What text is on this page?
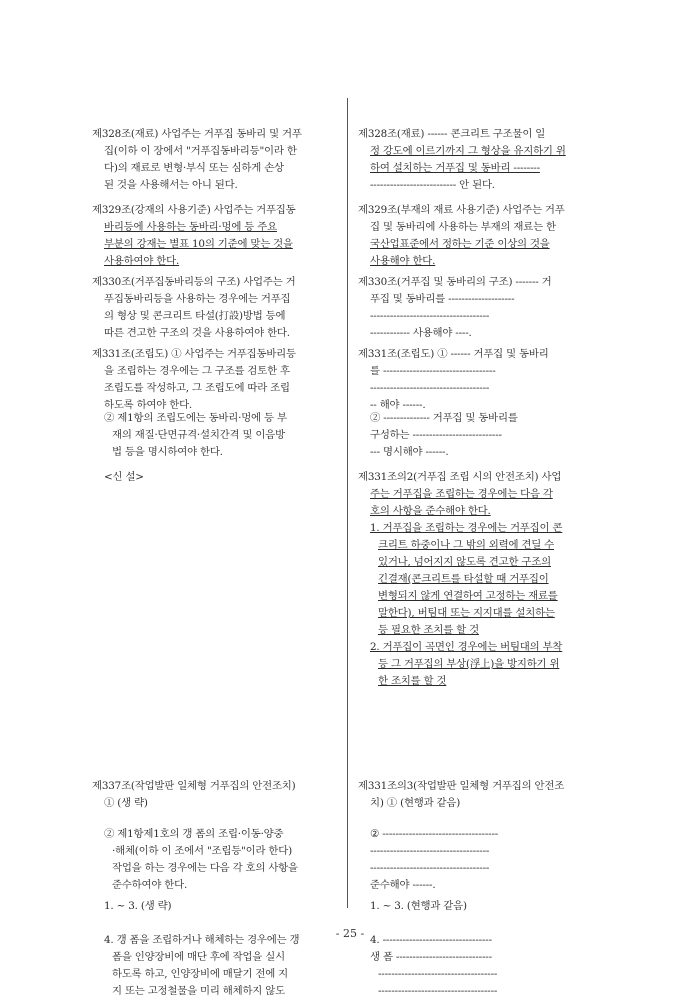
제328조(재료) 사업주는 거푸집 동바리 및 거푸
집(이하 이 장에서 "거푸집동바리등"이라 한
다)의 재료로 변형·부식 또는 심하게 손상
된 것을 사용해서는 아니 된다.
제329조(강재의 사용기준) 사업주는 거푸집동
바리등에 사용하는 동바리·멍에 등 주요
부분의 강재는 별표 10의 기준에 맞는 것을
사용하여야 한다.
제330조(거푸집동바리등의 구조) 사업주는 거
푸집동바리등을 사용하는 경우에는 거푸집
의 형상 및 콘크리트 타설(打設)방법 등에
따른 견고한 구조의 것을 사용하여야 한다.
제331조(조립도) ① 사업주는 거푸집동바리등
을 조립하는 경우에는 그 구조를 검토한 후
조립도를 작성하고, 그 조립도에 따라 조립
하도록 하여야 한다.
② 제1항의 조립도에는 동바리·멍에 등 부
재의 재질·단면규격·설치간격 및 이음방
법 등을 명시하여야 한다.
<신 설>
제337조(작업발판 일체형 거푸집의 안전조치)
① (생 략)
② 제1항제1호의 갱 폼의 조립·이동·양중
·해체(이하 이 조에서 "조립등"이라 한다)
작업을 하는 경우에는 다음 각 호의 사항을
준수하여야 한다.
1. ~ 3. (생 략)
4. 갱 폼을 조립하거나 해체하는 경우에는 갱
폼을 인양장비에 매단 후에 작업을 실시
하도록 하고, 인양장비에 매달기 전에 지
지 또는 고정철물을 미리 해체하지 않도
제328조(재료) ------ 콘크리트 구조물이 일
정 강도에 이르기까지 그 형상을 유지하기 위
하여 설치하는 거푸집 및 동바리 --------
-------------------------- 안 된다.
제329조(부재의 재료 사용기준) 사업주는 거푸
집 및 동바리에 사용하는 부재의 재료는 한
국산업표준에서 정하는 기준 이상의 것을
사용해야 한다.
제330조(거푸집 및 동바리의 구조) ------- 거
푸집 및 동바리를 --------------------
------------------------------------
------------ 사용해야 ----.
제331조(조립도) ① ------ 거푸집 및 동바리
를 ----------------------------------
------------------------------------
-- 해야 ------.
② -------------- 거푸집 및 동바리를
구성하는 ---------------------------
--- 명시해야 ------.
제331조의2(거푸집 조립 시의 안전조치) 사업
주는 거푸집을 조립하는 경우에는 다음 각
호의 사항을 준수해야 한다.
1. 거푸집을 조립하는 경우에는 거푸집이 콘
크리트 하중이나 그 밖의 외력에 견딜 수
있거나, 넘어지지 않도록 견고한 구조의
긴결재(콘크리트를 타설할 때 거푸집이
변형되지 않게 연결하여 고정하는 재료를
말한다), 버팀대 또는 지지대를 설치하는
등 필요한 조치를 할 것
2. 거푸집이 곡면인 경우에는 버팀대의 부착
등 그 거푸집의 부상(浮上)을 방지하기 위
한 조치를 할 것
제331조의3(작업발판 일체형 거푸집의 안전조
치) ① (현행과 같음)
② -----------------------------------
------------------------------------
------------------------------------
준수해야 ------.
1. ~ 3. (현행과 같음)
4. ---------------------------------
생 폼 -----------------------------
------------------------------------
------------------------------------
- 25 -
